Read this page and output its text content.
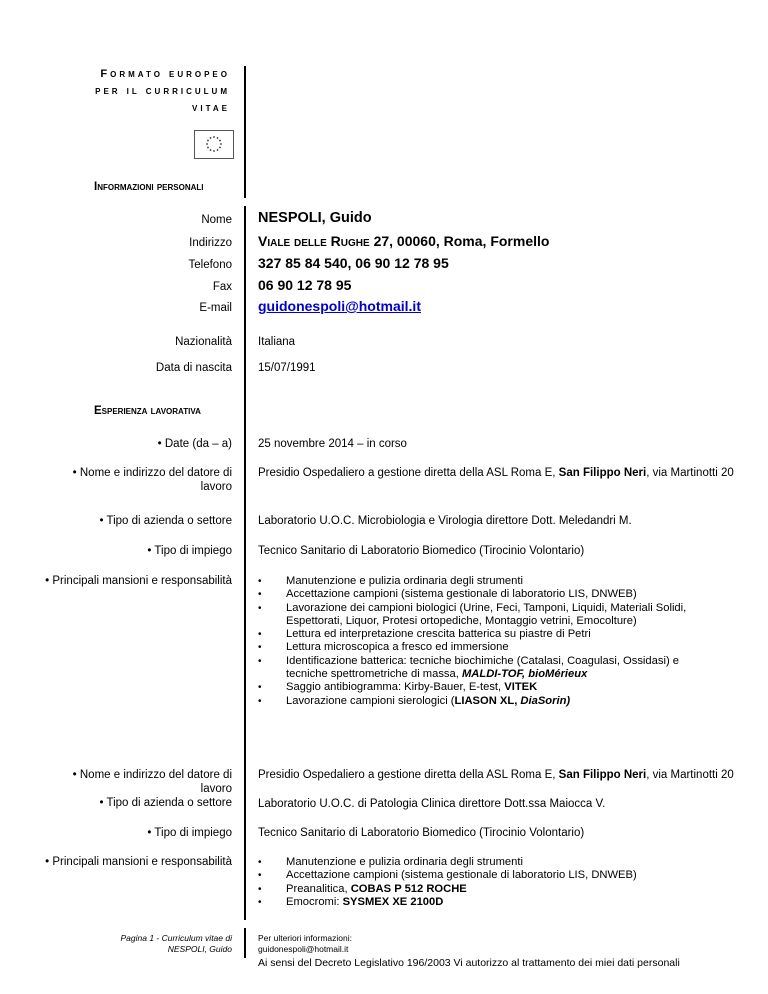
Formato europeo
per il curriculum
vitae
Informazioni personali
Nome NESPOLI, Guido
Indirizzo Viale delle Rughe 27, 00060, Roma, Formello
Telefono 327 85 84 540, 06 90 12 78 95
Fax 06 90 12 78 95
E-mail guidonespoli@hotmail.it
Nazionalità Italiana
Data di nascita 15/07/1991
Esperienza lavorativa
• Date (da – a) 25 novembre 2014 – in corso
• Nome e indirizzo del datore di
lavoro
Presidio Ospedaliero a gestione diretta della ASL Roma E, San Filippo Neri, via Martinotti 20
• Tipo di azienda o settore Laboratorio U.O.C. Microbiologia e Virologia direttore Dott. Meledandri M.
• Tipo di impiego Tecnico Sanitario di Laboratorio Biomedico (Tirocinio Volontario)
• Principali mansioni e responsabilità	• Manutenzione e pulizia ordinaria degli strumenti
• Accettazione campioni (sistema gestionale di laboratorio LIS, DNWEB)
• Lavorazione dei campioni biologici (Urine, Feci, Tamponi, Liquidi, Materiali Solidi, Espettorati, Liquor, Protesi ortopediche, Montaggio vetrini, Emocolture)
• Lettura ed interpretazione crescita batterica su piastre di Petri
• Lettura microscopica a fresco ed immersione
• Identificazione batterica: tecniche biochimiche (Catalasi, Coagulasi, Ossidasi) e tecniche spettrometriche di massa, MALDI-TOF, bioMérieux
• Saggio antibiogramma: Kirby-Bauer, E-test, VITEK
• Lavorazione campioni sierologici (LIASON XL, DiaSorin)
• Nome e indirizzo del datore di
lavoro
• Tipo di azienda o settore
Presidio Ospedaliero a gestione diretta della ASL Roma E, San Filippo Neri, via Martinotti 20
Laboratorio U.O.C. di Patologia Clinica direttore Dott.ssa Maiocca V.
• Tipo di impiego Tecnico Sanitario di Laboratorio Biomedico (Tirocinio Volontario)
• Principali mansioni e responsabilità	• Manutenzione e pulizia ordinaria degli strumenti
• Accettazione campioni (sistema gestionale di laboratorio LIS, DNWEB)
• Preanalitica, COBAS P 512 ROCHE
• Emocromi: SYSMEX XE 2100D
Pagina 1 - Curriculum vitae di
NESPOLI, Guido
Per ulteriori informazioni:
guidonespoli@hotmail.it
Ai sensi del Decreto Legislativo 196/2003 Vi autorizzo al trattamento dei miei dati personali
